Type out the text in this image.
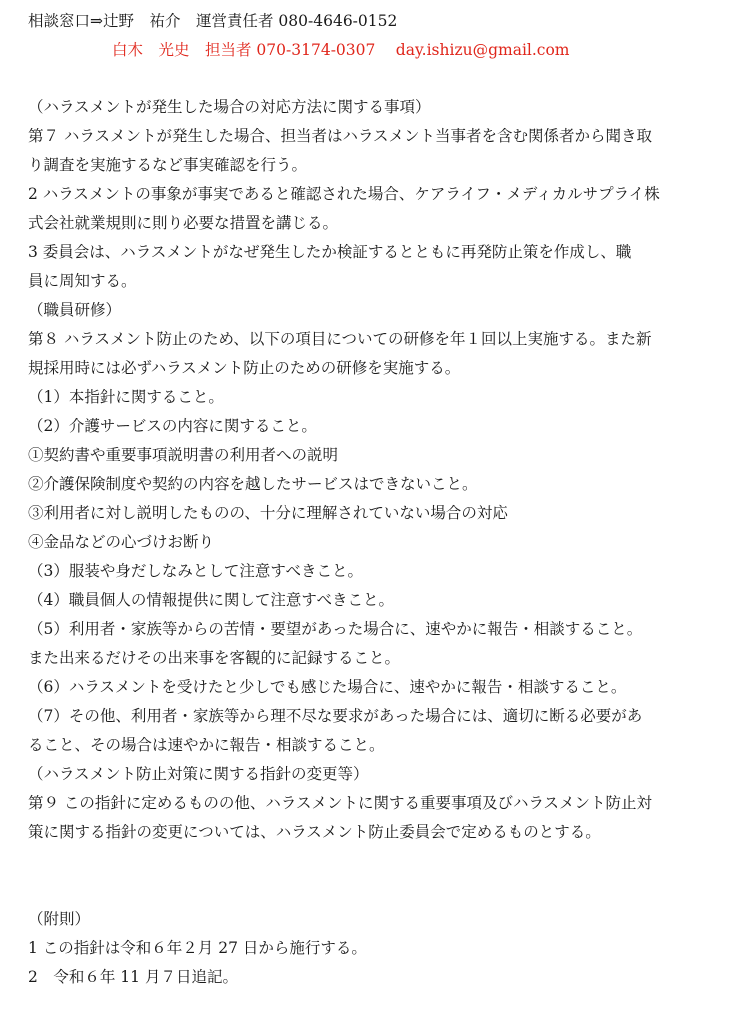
相談窓口⇒辻野　祐介　運営責任者 080-4646-0152
白木　光史　担当者 070-3174-0307　 day.ishizu@gmail.com
（ハラスメントが発生した場合の対応方法に関する事項）
第７ ハラスメントが発生した場合、担当者はハラスメント当事者を含む関係者から聞き取
り調査を実施するなど事実確認を行う。
2 ハラスメントの事象が事実であると確認された場合、ケアライフ・メディカルサプライ株
式会社就業規則に則り必要な措置を講じる。
3 委員会は、ハラスメントがなぜ発生したか検証するとともに再発防止策を作成し、職
員に周知する。
（職員研修）
第８ ハラスメント防止のため、以下の項目についての研修を年１回以上実施する。また新
規採用時には必ずハラスメント防止のための研修を実施する。
（1）本指針に関すること。
（2）介護サービスの内容に関すること。
①契約書や重要事項説明書の利用者への説明
②介護保険制度や契約の内容を越したサービスはできないこと。
③利用者に対し説明したものの、十分に理解されていない場合の対応
④金品などの心づけお断り
（3）服装や身だしなみとして注意すべきこと。
（4）職員個人の情報提供に関して注意すべきこと。
（5）利用者・家族等からの苦情・要望があった場合に、速やかに報告・相談すること。
また出来るだけその出来事を客観的に記録すること。
（6）ハラスメントを受けたと少しでも感じた場合に、速やかに報告・相談すること。
（7）その他、利用者・家族等から理不尽な要求があった場合には、適切に断る必要があ
ること、その場合は速やかに報告・相談すること。
（ハラスメント防止対策に関する指針の変更等）
第９ この指針に定めるものの他、ハラスメントに関する重要事項及びハラスメント防止対
策に関する指針の変更については、ハラスメント防止委員会で定めるものとする。
（附則）
1 この指針は令和６年２月 27 日から施行する。
2　令和６年 11 月７日追記。
